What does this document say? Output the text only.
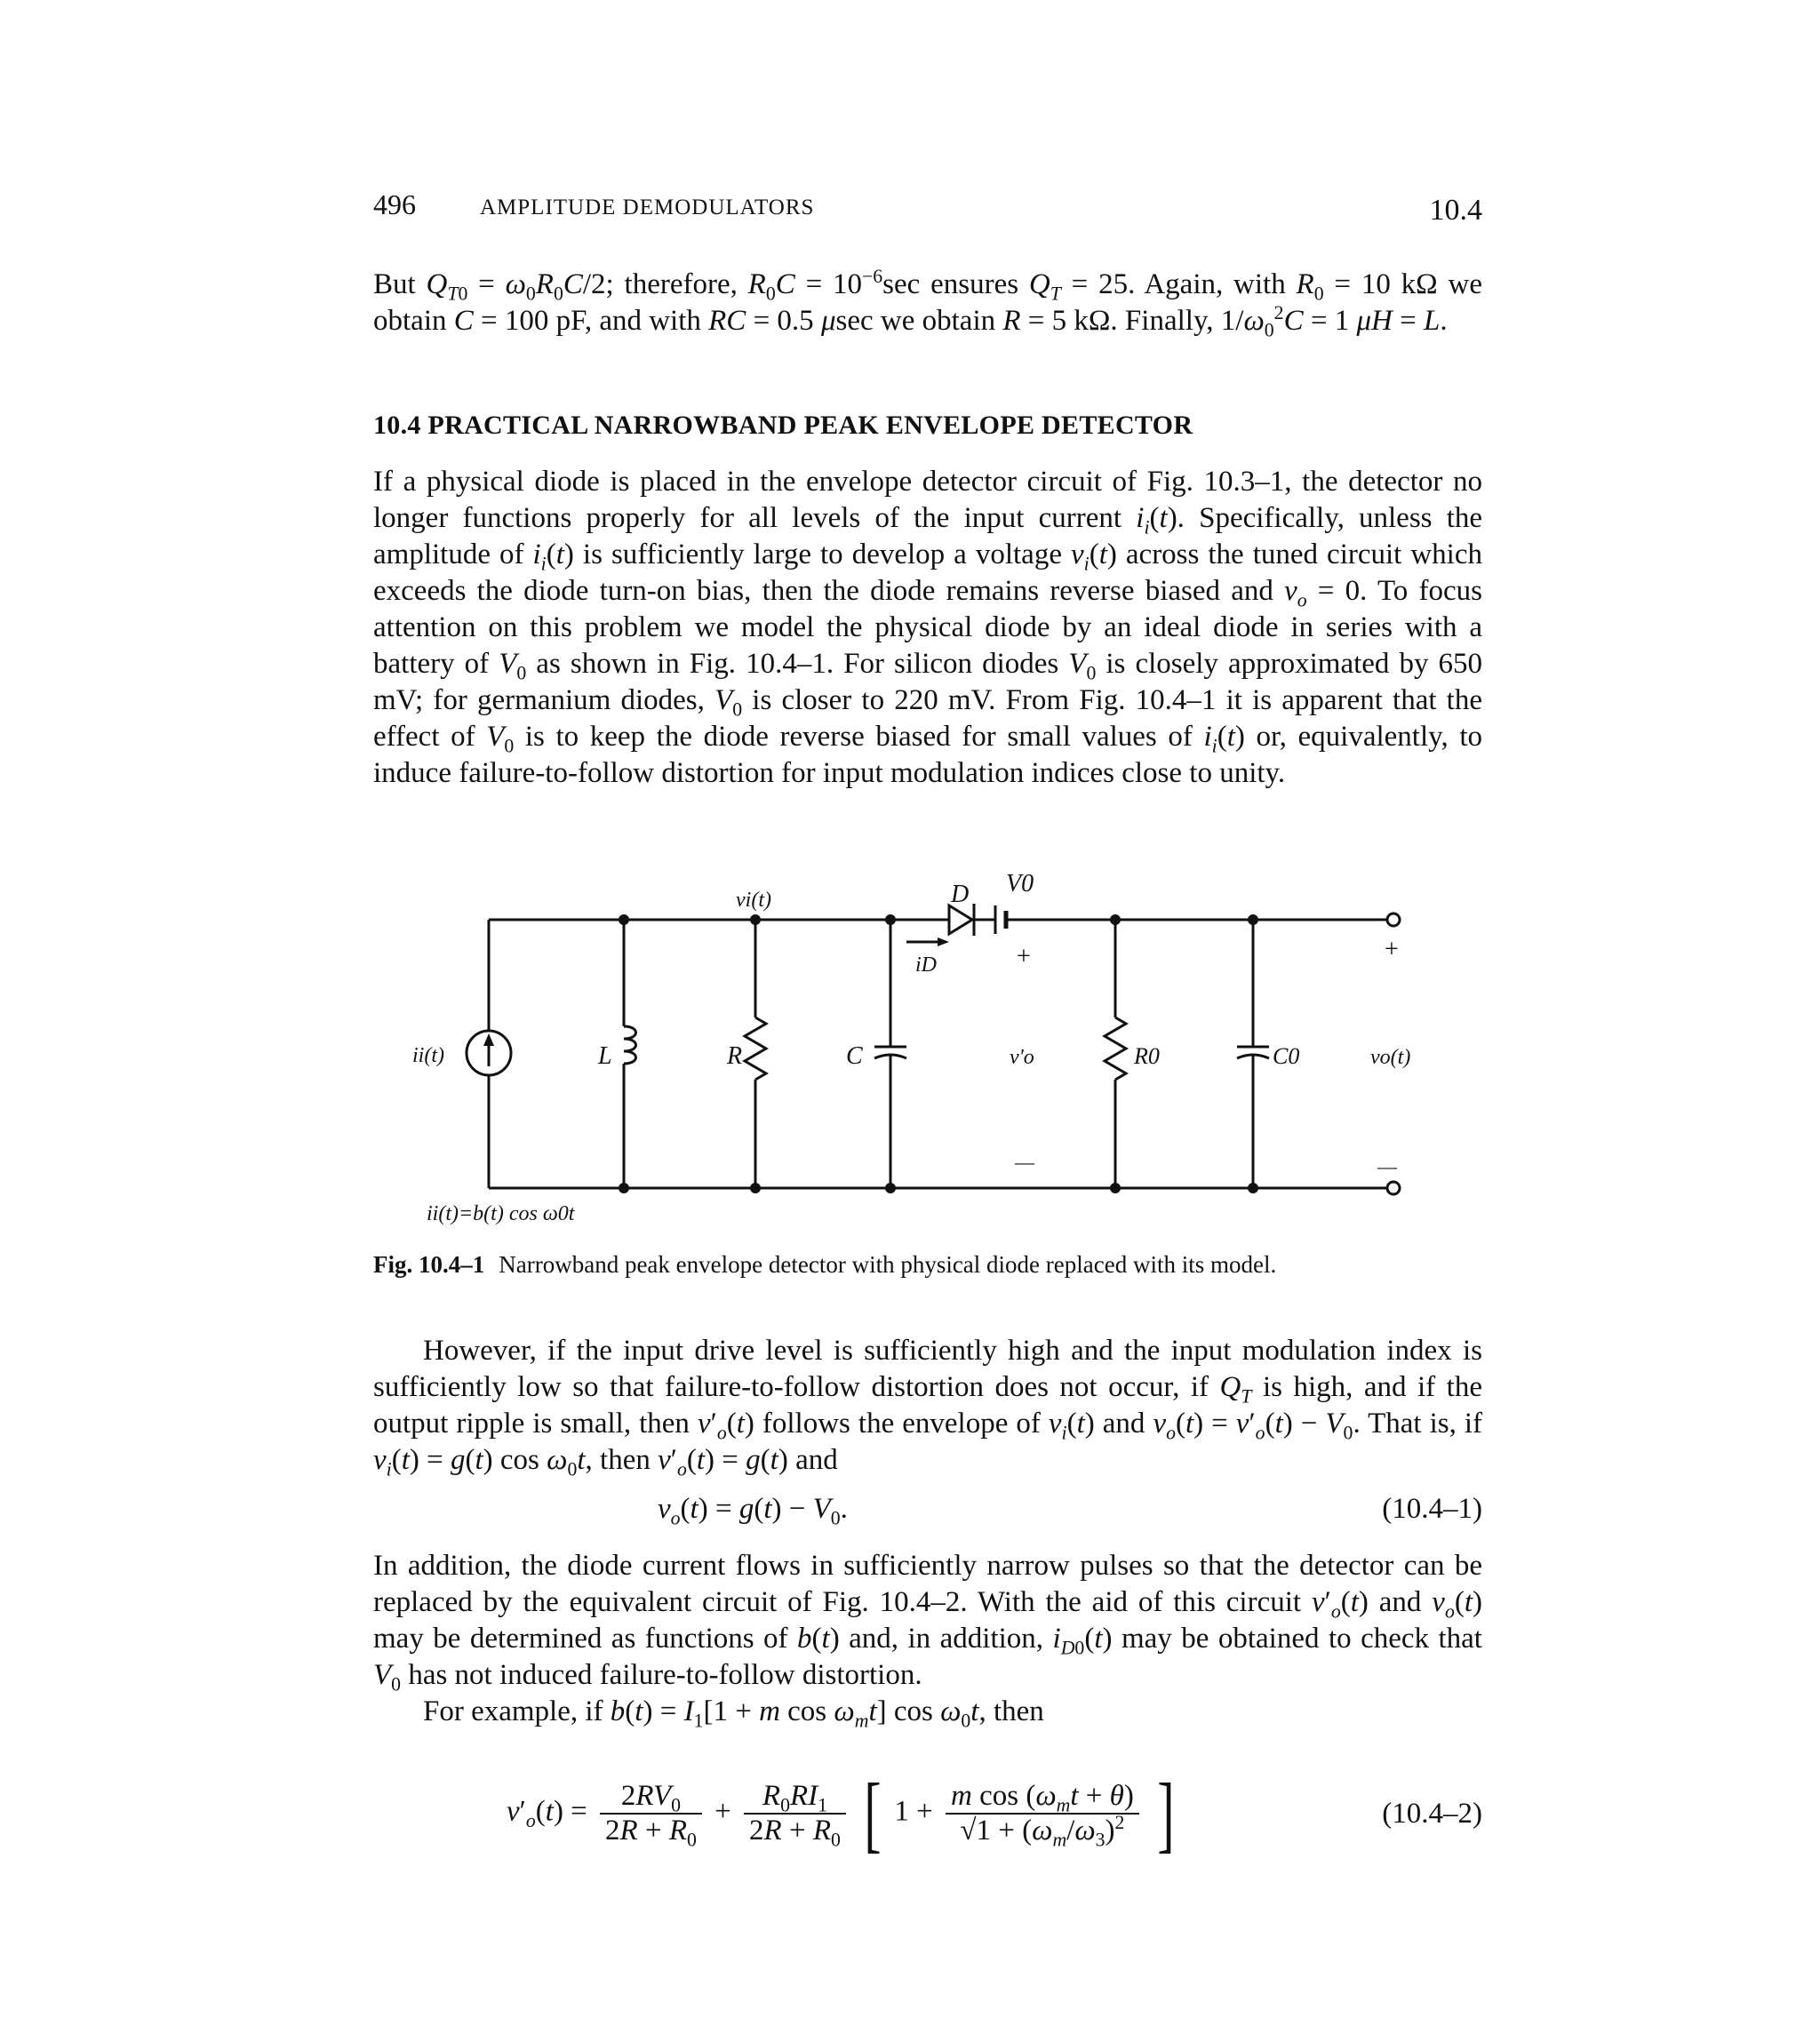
496	AMPLITUDE DEMODULATORS	10.4

But $Q_{T0} = \omega_0R_0C/2$; therefore, $R_0C = 10^{-6}\sec$ ensures $Q_T = 25$. Again, with $R_0 = 10$ kΩ we obtain C = 100 pF, and with RC = 0.5 μsec we obtain R = 5 kΩ. Finally, $1/\omega_0^2C = 1$ μH = L.

10.4 PRACTICAL NARROWBAND PEAK ENVELOPE DETECTOR

If a physical diode is placed in the envelope detector circuit of Fig. 10.3–1, the detector no longer functions properly for all levels of the input current $i_i(t)$. Specifically, unless the amplitude of $i_i(t)$ is sufficiently large to develop a voltage $v_i(t)$ across the tuned circuit which exceeds the diode turn-on bias, then the diode remains reverse biased and $v_o = 0$. To focus attention on this problem we model the physical diode by an ideal diode in series with a battery of $V_0$ as shown in Fig. 10.4–1. For silicon diodes $V_0$ is closely approximated by 650 mV; for germanium diodes, $V_0$ is closer to 220 mV. From Fig. 10.4–1 it is apparent that the effect of $V_0$ is to keep the diode reverse biased for small values of $i_i(t)$ or, equivalently, to induce failure-to-follow distortion for input modulation indices close to unity.

vi(t)	D V0
+
iD
ii(t)	L	R	C	v'o	R0	C0	vo(t)
+
—	—
ii(t)=b(t) cos ω0t
Fig. 10.4–1 Narrowband peak envelope detector with physical diode replaced with its model.

However, if the input drive level is sufficiently high and the input modulation index is sufficiently low so that failure-to-follow distortion does not occur, if $Q_T$ is high, and if the output ripple is small, then $v'_o(t)$ follows the envelope of $v_i(t)$ and $v_o(t) = v'_o(t) - V_0$. That is, if $v_i(t) = g(t)$ $\cos \omega_0t$, then $v'_o(t) = g(t)$ and

$v_o(t) = g(t) - V_0$.	(10.4–1)

In addition, the diode current flows in sufficiently narrow pulses so that the detector can be replaced by the equivalent circuit of Fig. 10.4–2. With the aid of this circuit $v'_o(t)$ and $v_o(t)$ may be determined as functions of b(t) and, in addition, $i_{D0}(t)$ may be obtained to check that $V_0$ has not induced failure-to-follow distortion.

For example, if $b(t) = I_1[1 + m$ $\cos \omega_mt$] $\cos \omega_0t$, then

$v'_o(t) = \frac{2RV_0}{2R + R_0} + \frac{R_0RI_1}{2R + R_0}$ [ $1 + \frac{m \cos (\omega_mt + \theta)}{√1 + (\omega_m/\omega_3)^2}$ ]	(10.4–2)
